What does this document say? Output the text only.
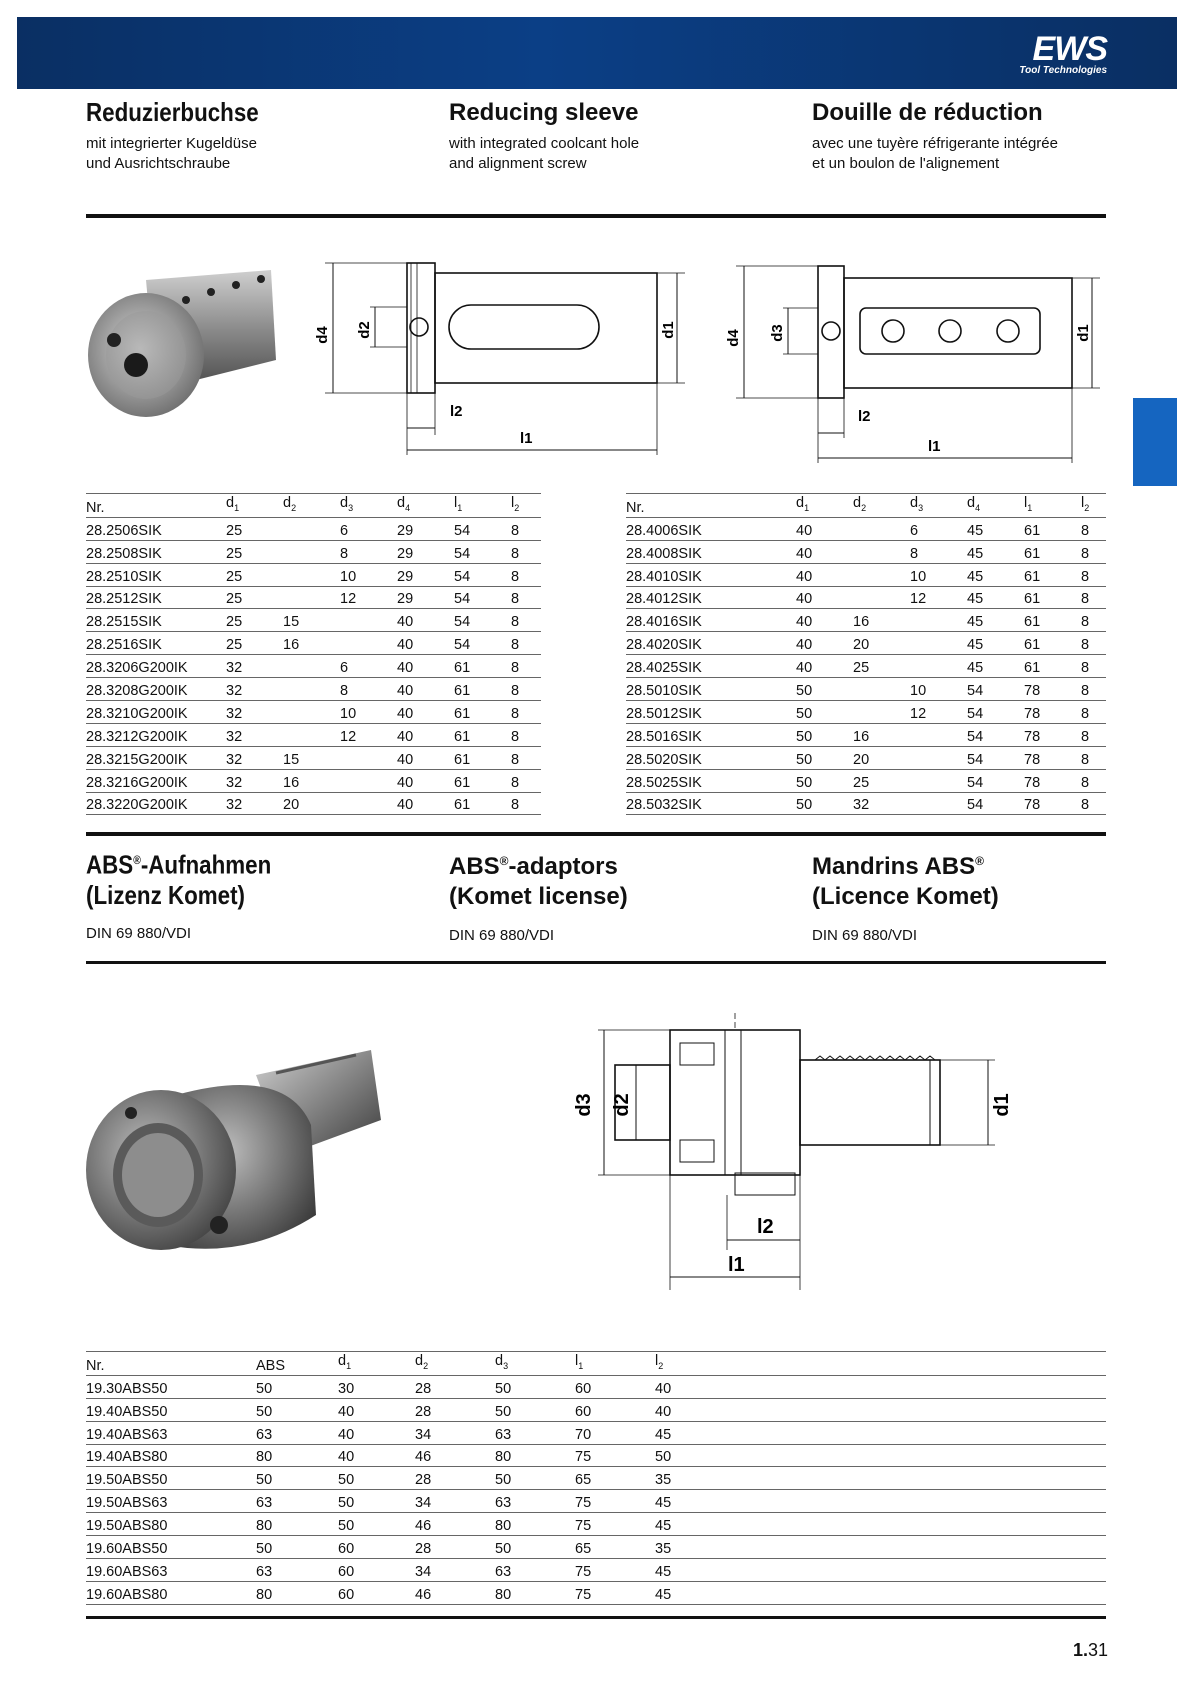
EWS
Tool Technologies
Reduzierbuchse
mit integrierter Kugeldüse
und Ausrichtschraube
Reducing sleeve
with integrated coolcant hole
and alignment screw
Douille de réduction
avec une tuyère réfrigerante intégrée
et un boulon de l'alignement
d4 d2	d1
l2
l1
d4 d3	d1
l2
l1
Nr.	$d_1$	$d_2$	$d_3$	$d_4$	$l_1$	$l_2$
28.2506SIK	25		6	29	54	8
28.2508SIK	25		8	29	54	8
28.2510SIK	25		10	29	54	8
28.2512SIK	25		12	29	54	8
28.2515SIK	25	15		40	54	8
28.2516SIK	25	16		40	54	8
28.3206G200IK	32		6	40	61	8
28.3208G200IK	32		8	40	61	8
28.3210G200IK	32		10	40	61	8
28.3212G200IK	32		12	40	61	8
28.3215G200IK	32	15		40	61	8
28.3216G200IK	32	16		40	61	8
28.3220G200IK	32	20		40	61	8
Nr.	$d_1$	$d_2$	$d_3$	$d_4$	$l_1$	$l_2$
28.4006SIK	40		6	45	61	8
28.4008SIK	40		8	45	61	8
28.4010SIK	40		10	45	61	8
28.4012SIK	40		12	45	61	8
28.4016SIK	40	16		45	61	8
28.4020SIK	40	20		45	61	8
28.4025SIK	40	25		45	61	8
28.5010SIK	50		10	54	78	8
28.5012SIK	50		12	54	78	8
28.5016SIK	50	16		54	78	8
28.5020SIK	50	20		54	78	8
28.5025SIK	50	25		54	78	8
28.5032SIK	50	32		54	78	8
ABS®-Aufnahmen
(Lizenz Komet)
DIN 69 880/VDI
ABS®-adaptors
(Komet license)
DIN 69 880/VDI
Mandrins ABS®
(Licence Komet)
DIN 69 880/VDI
d3 d2	d1
l2
l1
Nr.	ABS	$d_1$	$d_2$	$d_3$	$l_1$	$l_2$
19.30ABS50	50	30	28	50	60	40
19.40ABS50	50	40	28	50	60	40
19.40ABS63	63	40	34	63	70	45
19.40ABS80	80	40	46	80	75	50
19.50ABS50	50	50	28	50	65	35
19.50ABS63	63	50	34	63	75	45
19.50ABS80	80	50	46	80	75	45
19.60ABS50	50	60	28	50	65	35
19.60ABS63	63	60	34	63	75	45
19.60ABS80	80	60	46	80	75	45
1.31
